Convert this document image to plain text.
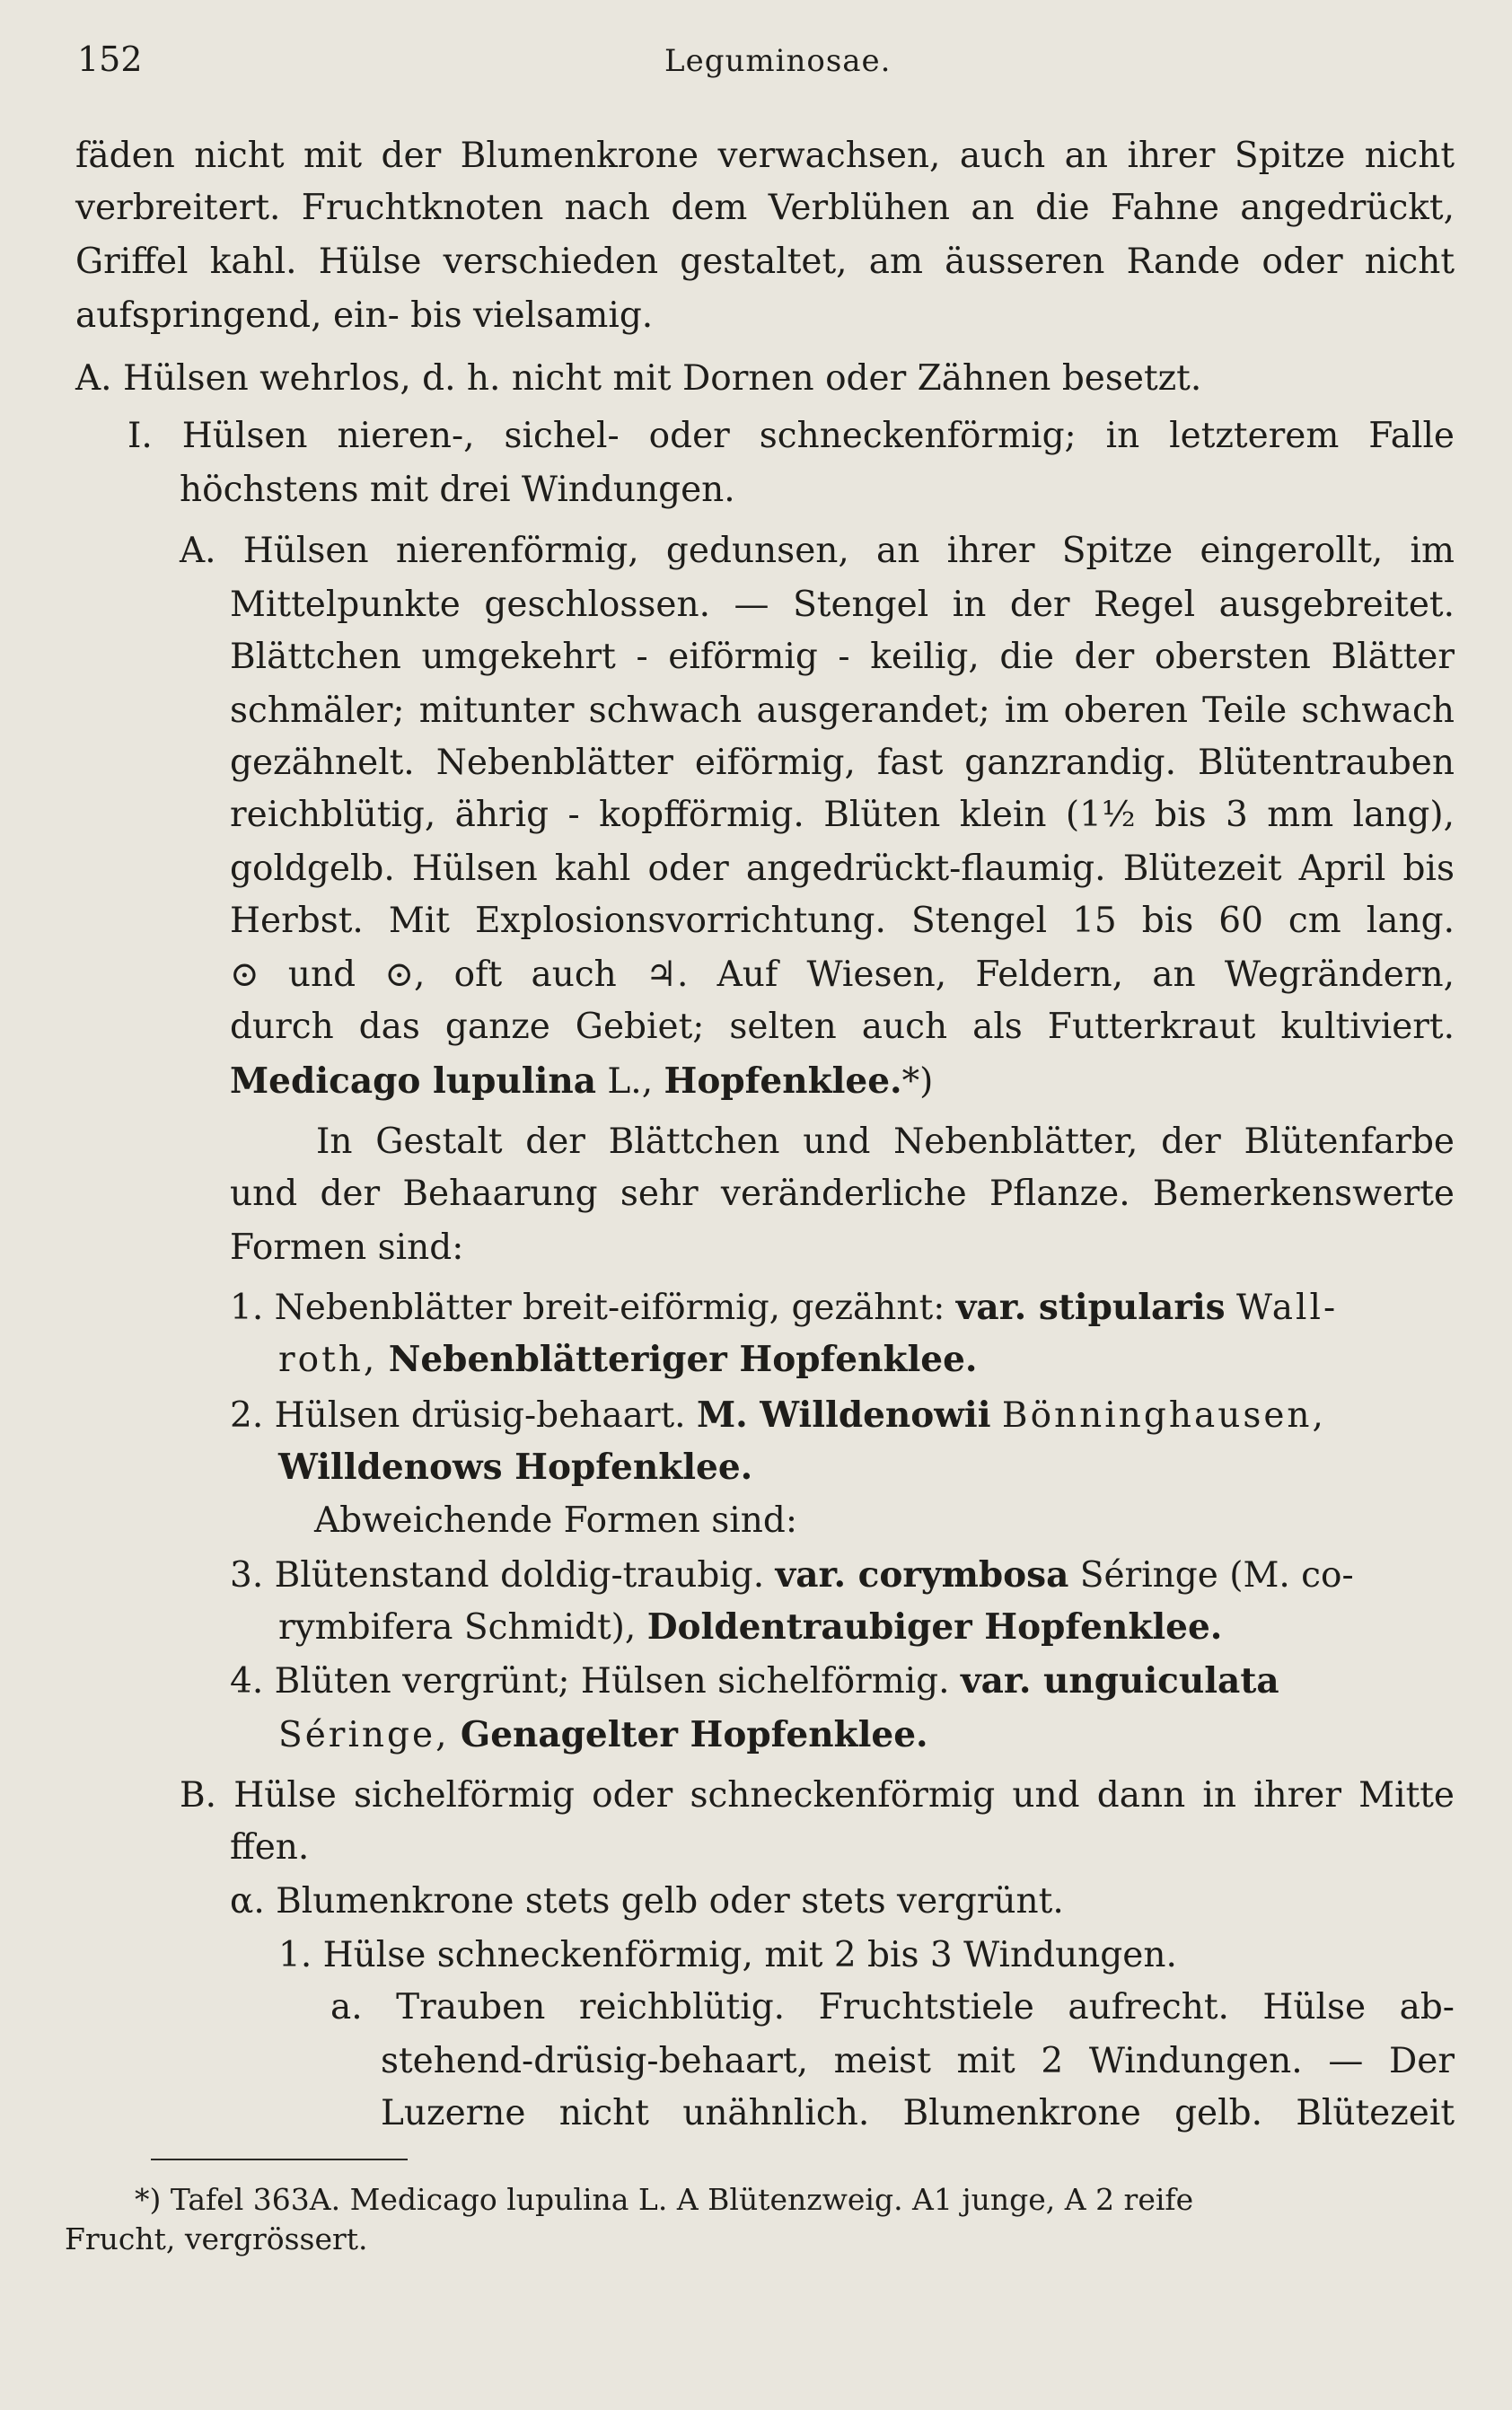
152	Leguminosae.
fäden nicht mit der Blumenkrone verwachsen, auch an ihrer Spitze nicht
verbreitert. Fruchtknoten nach dem Verblühen an die Fahne angedrückt,
Griffel kahl. Hülse verschieden gestaltet, am äusseren Rande oder nicht
aufspringend, ein- bis vielsamig.
A. Hülsen wehrlos, d. h. nicht mit Dornen oder Zähnen besetzt.
I. Hülsen nieren-, sichel- oder schneckenförmig; in letzterem Falle
höchstens mit drei Windungen.
A. Hülsen nierenförmig, gedunsen, an ihrer Spitze eingerollt, im
Mittelpunkte geschlossen. — Stengel in der Regel ausgebreitet.
Blättchen umgekehrt - eiförmig - keilig, die der obersten Blätter
schmäler; mitunter schwach ausgerandet; im oberen Teile schwach
gezähnelt. Nebenblätter eiförmig, fast ganzrandig. Blütentrauben
reichblütig, ährig - kopfförmig. Blüten klein (1½ bis 3 mm lang),
goldgelb. Hülsen kahl oder angedrückt-flaumig. Blütezeit April bis
Herbst. Mit Explosionsvorrichtung. Stengel 15 bis 60 cm lang.
⊙ und ⊙, oft auch ♃. Auf Wiesen, Feldern, an Wegrändern,
durch das ganze Gebiet; selten auch als Futterkraut kultiviert.
Medicago lupulina L., Hopfenklee.*)
In Gestalt der Blättchen und Nebenblätter, der Blütenfarbe
und der Behaarung sehr veränderliche Pflanze. Bemerkenswerte
Formen sind:
1. Nebenblätter breit-eiförmig, gezähnt: var. stipularis Wall-
roth, Nebenblätteriger Hopfenklee.
2. Hülsen drüsig-behaart. M. Willdenowii Bönninghausen,
Willdenows Hopfenklee.
Abweichende Formen sind:
3. Blütenstand doldig-traubig. var. corymbosa Séringe (M. co-
rymbifera Schmidt), Doldentraubiger Hopfenklee.
4. Blüten vergrünt; Hülsen sichelförmig. var. unguiculata
Séringe, Genagelter Hopfenklee.
B. Hülse sichelförmig oder schneckenförmig und dann in ihrer Mitte
ffen.
α. Blumenkrone stets gelb oder stets vergrünt.
1. Hülse schneckenförmig, mit 2 bis 3 Windungen.
a. Trauben reichblütig. Fruchtstiele aufrecht. Hülse ab-
stehend-drüsig-behaart, meist mit 2 Windungen. — Der
Luzerne nicht unähnlich. Blumenkrone gelb. Blütezeit
*) Tafel 363A. Medicago lupulina L. A Blütenzweig. A1 junge, A 2 reife
Frucht, vergrössert.
